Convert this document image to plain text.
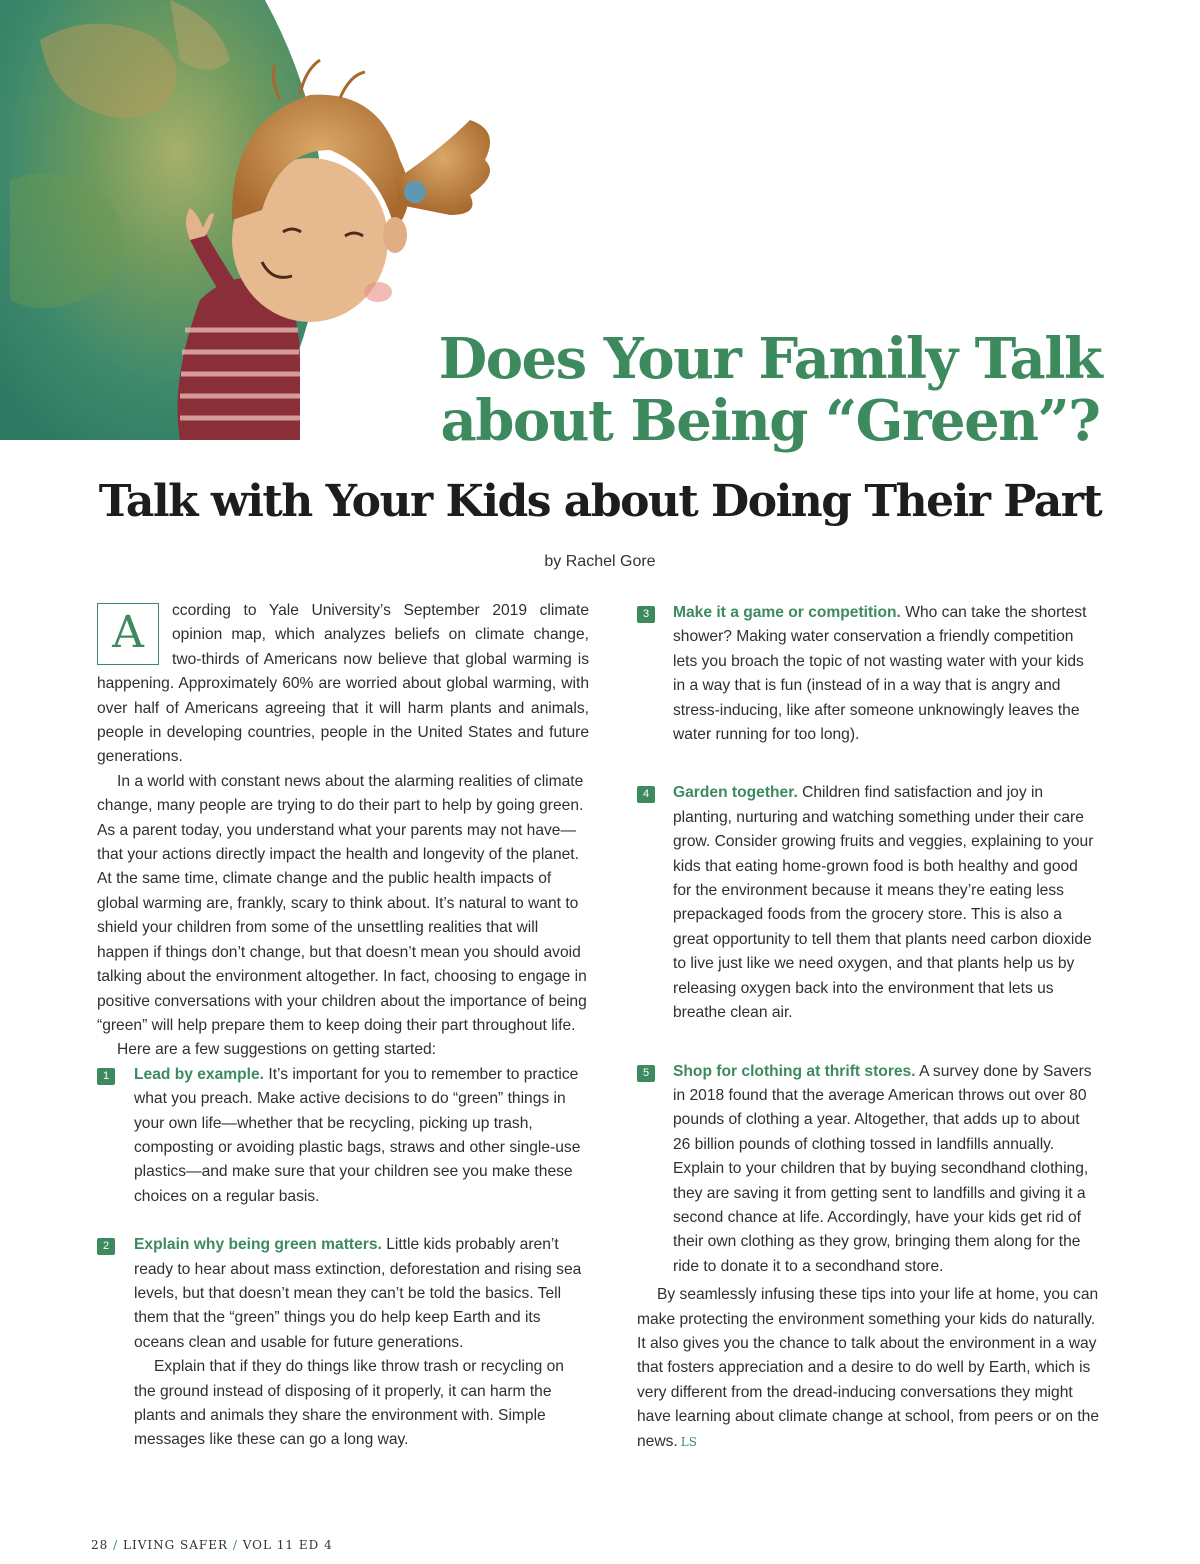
Does Your Family Talk about Being “Green”?
Talk with Your Kids about Doing Their Part
by Rachel Gore
A	ccording to Yale University’s September 2019 climate opinion map, which analyzes beliefs on climate change, two-thirds of Americans now believe that global warming is happening. Approximately 60% are worried about global warming, with over half of Americans agreeing that it will harm plants and animals, people in developing countries, people in the United States and future generations.

In a world with constant news about the alarming realities of climate change, many people are trying to do their part to help by going green. As a parent today, you understand what your parents may not have—that your actions directly impact the health and longevity of the planet. At the same time, climate change and the public health impacts of global warming are, frankly, scary to think about. It’s natural to want to shield your children from some of the unsettling realities that will happen if things don’t change, but that doesn’t mean you should avoid talking about the environment altogether. In fact, choosing to engage in positive conversations with your children about the importance of being “green” will help prepare them to keep doing their part throughout life.

Here are a few suggestions on getting started:

1	Lead by example. It’s important for you to remember to practice what you preach. Make active decisions to do “green” things in your own life—whether that be recycling, picking up trash, composting or avoiding plastic bags, straws and other single-use plastics—and make sure that your children see you make these choices on a regular basis.

2	Explain why being green matters. Little kids probably aren’t ready to hear about mass extinction, deforestation and rising sea levels, but that doesn’t mean they can’t be told the basics. Tell them that the “green” things you do help keep Earth and its oceans clean and usable for future generations.

Explain that if they do things like throw trash or recycling on the ground instead of disposing of it properly, it can harm the plants and animals they share the environment with. Simple messages like these can go a long way.

3	Make it a game or competition. Who can take the shortest shower? Making water conservation a friendly competition lets you broach the topic of not wasting water with your kids in a way that is fun (instead of in a way that is angry and stress-inducing, like after someone unknowingly leaves the water running for too long).

4	Garden together. Children find satisfaction and joy in planting, nurturing and watching something under their care grow. Consider growing fruits and veggies, explaining to your kids that eating home-grown food is both healthy and good for the environment because it means they’re eating less prepackaged foods from the grocery store. This is also a great opportunity to tell them that plants need carbon dioxide to live just like we need oxygen, and that plants help us by releasing oxygen back into the environment that lets us breathe clean air.

5	Shop for clothing at thrift stores. A survey done by Savers in 2018 found that the average American throws out over 80 pounds of clothing a year. Altogether, that adds up to about 26 billion pounds of clothing tossed in landfills annually. Explain to your children that by buying secondhand clothing, they are saving it from getting sent to landfills and giving it a second chance at life. Accordingly, have your kids get rid of their own clothing as they grow, bringing them along for the ride to donate it to a secondhand store.

By seamlessly infusing these tips into your life at home, you can make protecting the environment something your kids do naturally. It also gives you the chance to talk about the environment in a way that fosters appreciation and a desire to do well by Earth, which is very different from the dread-inducing conversations they might have learning about climate change at school, from peers or on the news. LS

28 / LIVING SAFER / VOL 11 ED 4
